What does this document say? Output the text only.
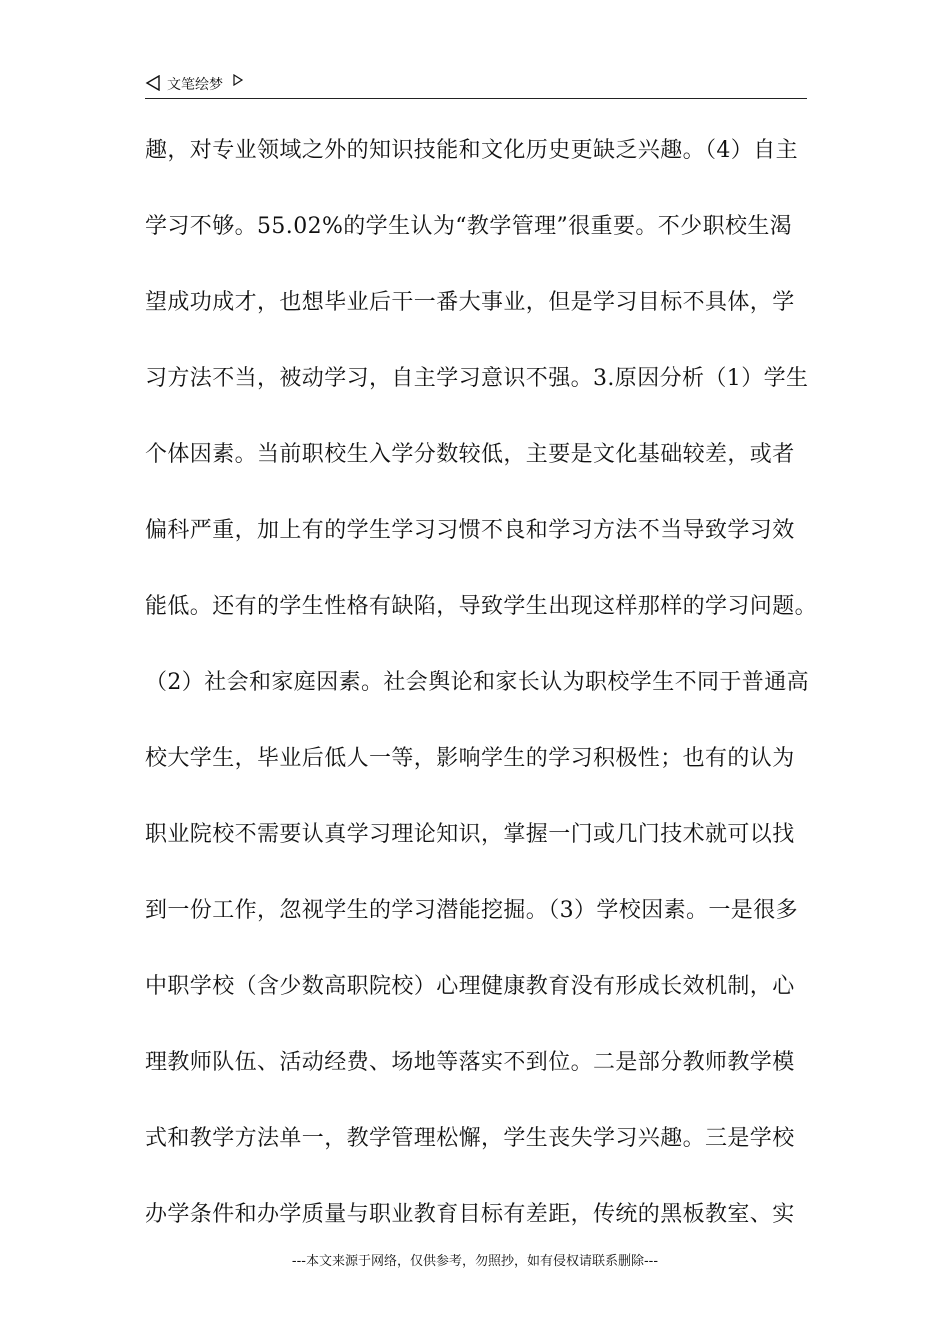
文笔绘梦
趣，对专业领域之外的知识技能和文化历史更缺乏兴趣。（4）自主
学习不够。55.02%的学生认为“教学管理”很重要。不少职校生渴
望成功成才，也想毕业后干一番大事业，但是学习目标不具体，学
习方法不当，被动学习，自主学习意识不强。3.原因分析（1）学生
个体因素。当前职校生入学分数较低，主要是文化基础较差，或者
偏科严重，加上有的学生学习习惯不良和学习方法不当导致学习效
能低。还有的学生性格有缺陷，导致学生出现这样那样的学习问题。
（2）社会和家庭因素。社会舆论和家长认为职校学生不同于普通高
校大学生，毕业后低人一等，影响学生的学习积极性；也有的认为
职业院校不需要认真学习理论知识，掌握一门或几门技术就可以找
到一份工作，忽视学生的学习潜能挖掘。（3）学校因素。一是很多
中职学校（含少数高职院校）心理健康教育没有形成长效机制，心
理教师队伍、活动经费、场地等落实不到位。二是部分教师教学模
式和教学方法单一，教学管理松懈，学生丧失学习兴趣。三是学校
办学条件和办学质量与职业教育目标有差距，传统的黑板教室、实
---本文来源于网络，仅供参考，勿照抄，如有侵权请联系删除---
